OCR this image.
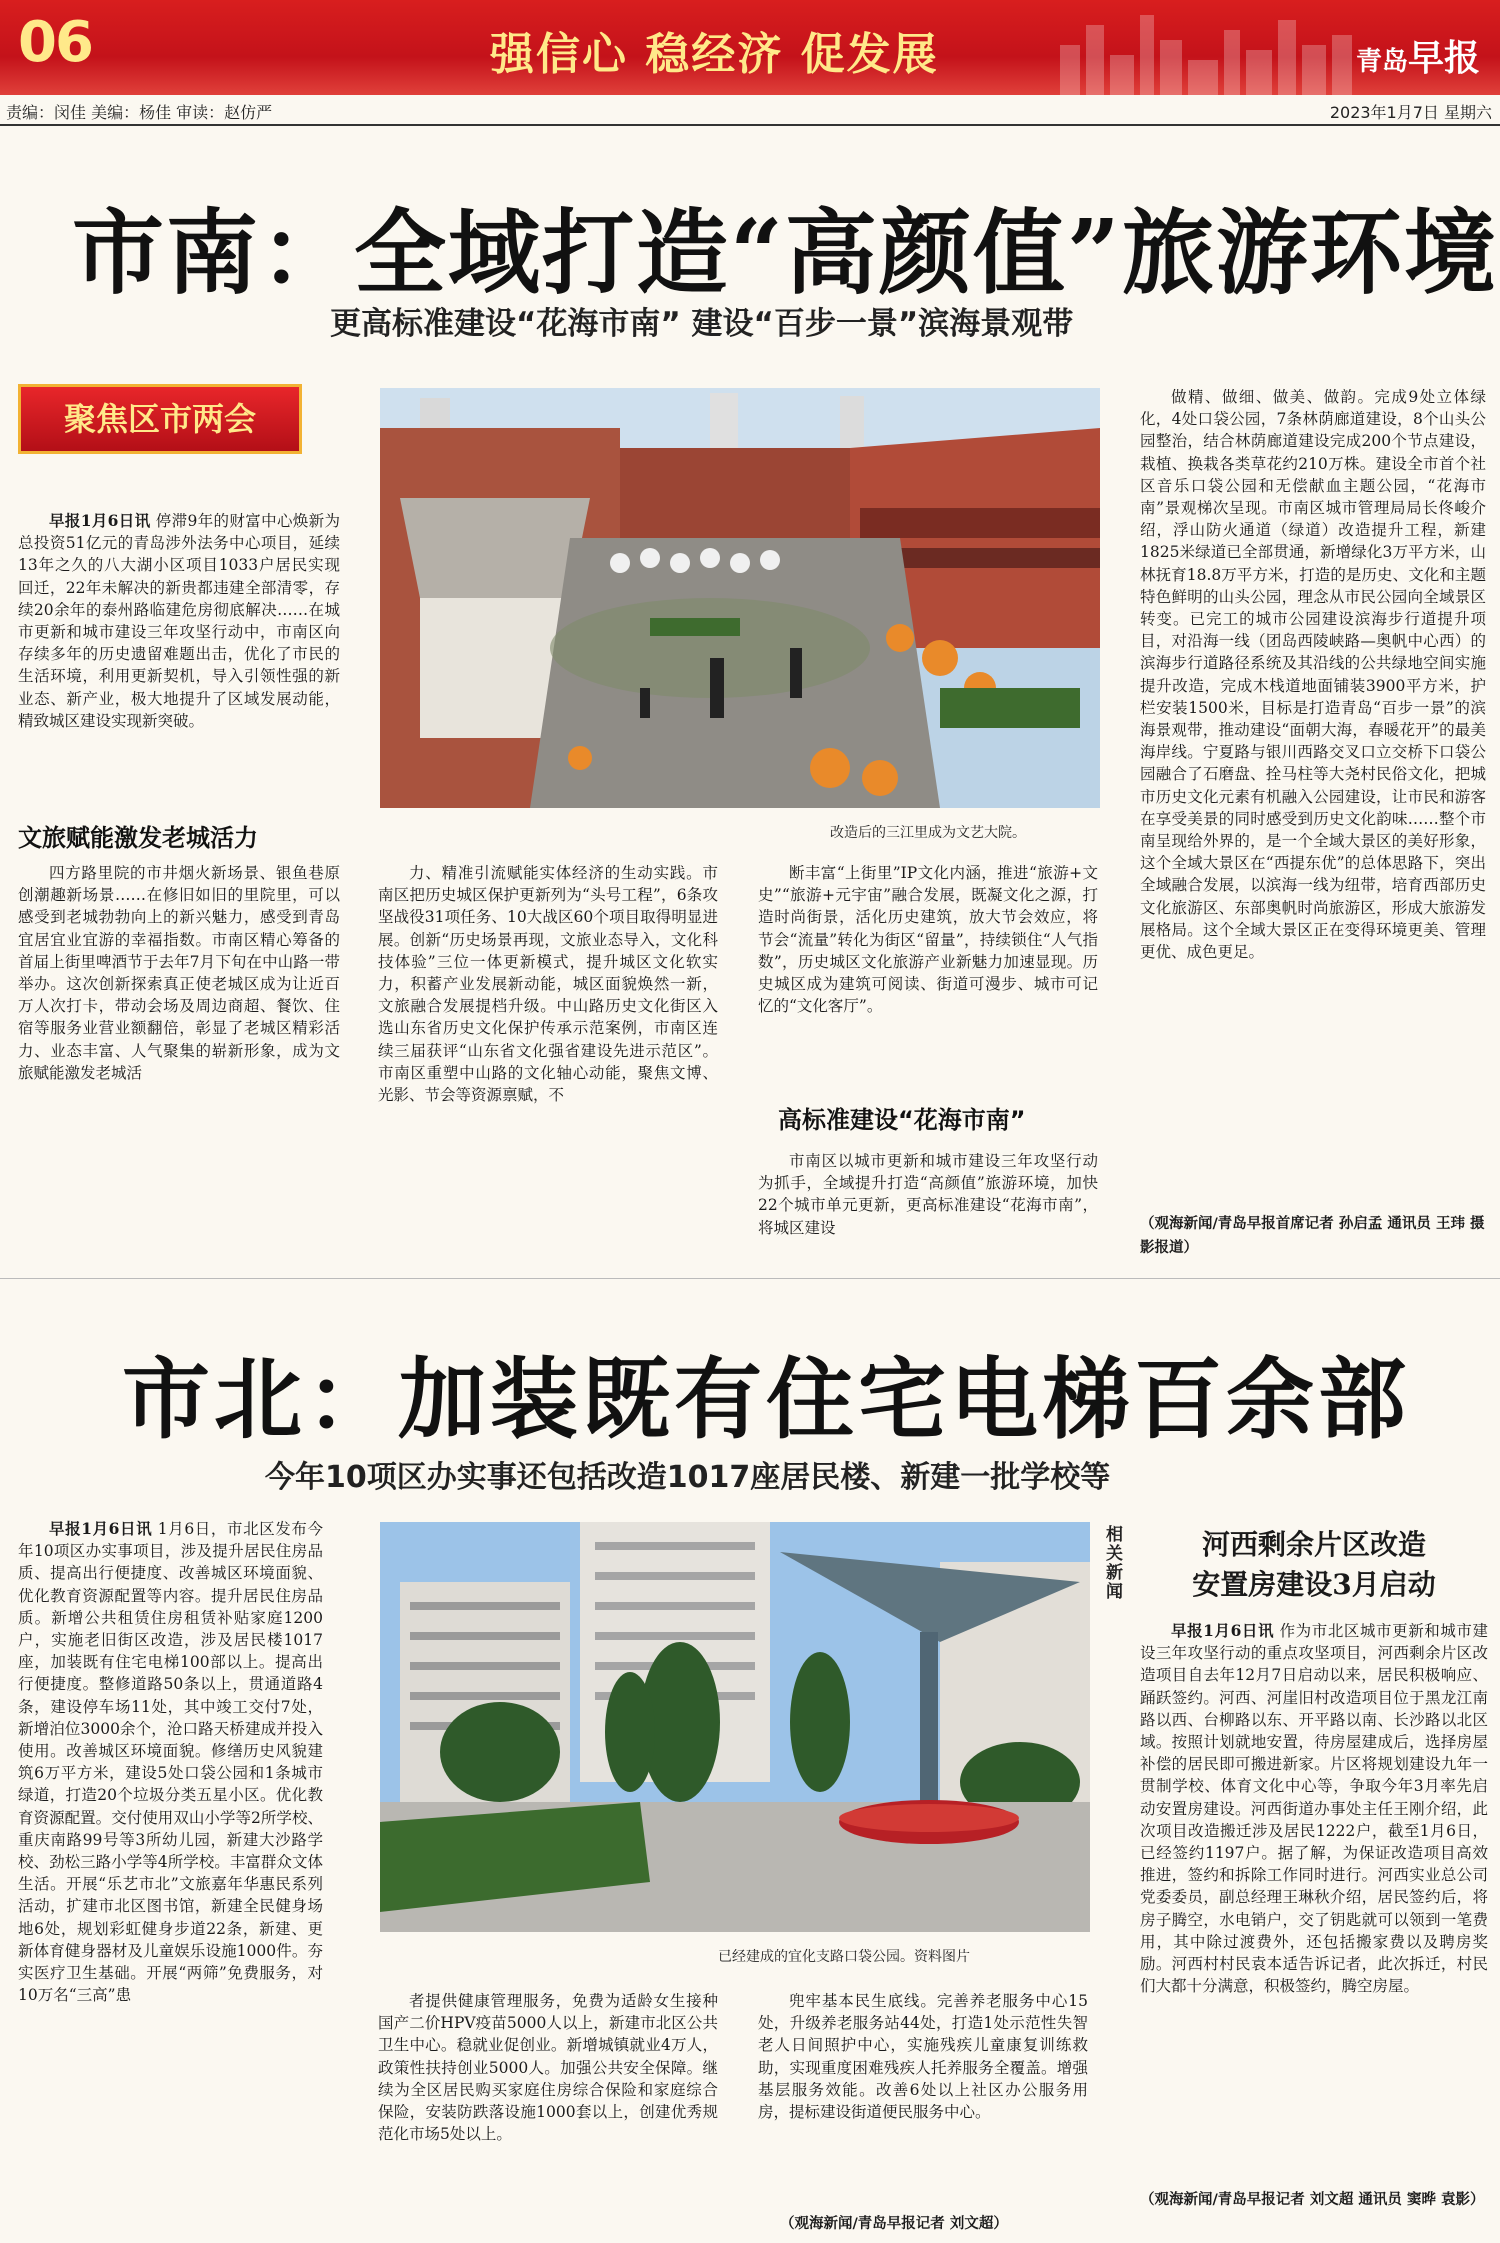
06	强信心 稳经济 促发展	青岛早报
责编：闵佳 美编：杨佳 审读：赵仿严	2023年1月7日 星期六
市南：全域打造“高颜值”旅游环境
更高标准建设“花海市南” 建设“百步一景”滨海景观带
聚焦区市两会

早报1月6日讯 停滞9年的财富中心焕新为总投资51亿元的青岛涉外法务中心项目，延续13年之久的八大湖小区项目1033户居民实现回迁，22年未解决的新贵都违建全部清零，存续20余年的泰州路临建危房彻底解决……在城市更新和城市建设三年攻坚行动中，市南区向存续多年的历史遗留难题出击，优化了市民的生活环境，利用更新契机，导入引领性强的新业态、新产业，极大地提升了区域发展动能，精致城区建设实现新突破。

文旅赋能激发老城活力	改造后的三江里成为文艺大院。

四方路里院的市井烟火新场景、银鱼巷原创潮趣新场景……在修旧如旧的里院里，可以感受到老城勃勃向上的新兴魅力，感受到青岛宜居宜业宜游的幸福指数。市南区精心筹备的首届上街里啤酒节于去年7月下旬在中山路一带举办。这次创新探索真正使老城区成为让近百万人次打卡，带动会场及周边商超、餐饮、住宿等服务业营业额翻倍，彰显了老城区精彩活力、业态丰富、人气聚集的崭新形象，成为文旅赋能激发老城活

力、精准引流赋能实体经济的生动实践。市南区把历史城区保护更新列为“头号工程”，6条攻坚战役31项任务、10大战区60个项目取得明显进展。创新“历史场景再现，文旅业态导入，文化科技体验”三位一体更新模式，提升城区文化软实力，积蓄产业发展新动能，城区面貌焕然一新，文旅融合发展提档升级。中山路历史文化街区入选山东省历史文化保护传承示范案例，市南区连续三届获评“山东省文化强省建设先进示范区”。市南区重塑中山路的文化轴心动能，聚焦文博、光影、节会等资源禀赋，不

断丰富“上街里”IP文化内涵，推进“旅游+文史”“旅游+元宇宙”融合发展，既凝文化之源，打造时尚街景，活化历史建筑，放大节会效应，将节会“流量”转化为街区“留量”，持续锁住“人气指数”，历史城区文化旅游产业新魅力加速显现。历史城区成为建筑可阅读、街道可漫步、城市可记忆的“文化客厅”。

高标准建设“花海市南”

市南区以城市更新和城市建设三年攻坚行动为抓手，全域提升打造“高颜值”旅游环境，加快22个城市单元更新，更高标准建设“花海市南”，将城区建设

做精、做细、做美、做韵。完成9处立体绿化，4处口袋公园，7条林荫廊道建设，8个山头公园整治，结合林荫廊道建设完成200个节点建设，栽植、换栽各类草花约210万株。建设全市首个社区音乐口袋公园和无偿献血主题公园，“花海市南”景观梯次呈现。市南区城市管理局局长佟峻介绍，浮山防火通道（绿道）改造提升工程，新建1825米绿道已全部贯通，新增绿化3万平方米，山林抚育18.8万平方米，打造的是历史、文化和主题特色鲜明的山头公园，理念从市民公园向全域景区转变。已完工的城市公园建设滨海步行道提升项目，对沿海一线（团岛西陵峡路—奥帆中心西）的滨海步行道路径系统及其沿线的公共绿地空间实施提升改造，完成木栈道地面铺装3900平方米，护栏安装1500米，目标是打造青岛“百步一景”的滨海景观带，推动建设“面朝大海，春暖花开”的最美海岸线。宁夏路与银川西路交叉口立交桥下口袋公园融合了石磨盘、拴马柱等大尧村民俗文化，把城市历史文化元素有机融入公园建设，让市民和游客在享受美景的同时感受到历史文化韵味……整个市南呈现给外界的，是一个全域大景区的美好形象，这个全域大景区在“西提东优”的总体思路下，突出全域融合发展，以滨海一线为纽带，培育西部历史文化旅游区、东部奥帆时尚旅游区，形成大旅游发展格局。这个全域大景区正在变得环境更美、管理更优、成色更足。

（观海新闻/青岛早报首席记者 孙启孟 通讯员 王玮 摄影报道）
市北：加装既有住宅电梯百余部
今年10项区办实事还包括改造1017座居民楼、新建一批学校等

早报1月6日讯 1月6日，市北区发布今年10项区办实事项目，涉及提升居民住房品质、提高出行便捷度、改善城区环境面貌、优化教育资源配置等内容。提升居民住房品质。新增公共租赁住房租赁补贴家庭1200户，实施老旧街区改造，涉及居民楼1017座，加装既有住宅电梯100部以上。提高出行便捷度。整修道路50条以上，贯通道路4条，建设停车场11处，其中竣工交付7处，新增泊位3000余个，沧口路天桥建成并投入使用。改善城区环境面貌。修缮历史风貌建筑6万平方米，建设5处口袋公园和1条城市绿道，打造20个垃圾分类五星小区。优化教育资源配置。交付使用双山小学等2所学校、重庆南路99号等3所幼儿园，新建大沙路学校、劲松三路小学等4所学校。丰富群众文体生活。开展“乐艺市北”文旅嘉年华惠民系列活动，扩建市北区图书馆，新建全民健身场地6处，规划彩虹健身步道22条，新建、更新体育健身器材及儿童娱乐设施1000件。夯实医疗卫生基础。开展“两筛”免费服务，对10万名“三高”患

已经建成的宜化支路口袋公园。资料图片

者提供健康管理服务，免费为适龄女生接种国产二价HPV疫苗5000人以上，新建市北区公共卫生中心。稳就业促创业。新增城镇就业4万人，政策性扶持创业5000人。加强公共安全保障。继续为全区居民购买家庭住房综合保险和家庭综合保险，安装防跌落设施1000套以上，创建优秀规范化市场5处以上。

兜牢基本民生底线。完善养老服务中心15处，升级养老服务站44处，打造1处示范性失智老人日间照护中心，实施残疾儿童康复训练救助，实现重度困难残疾人托养服务全覆盖。增强基层服务效能。改善6处以上社区办公服务用房，提标建设街道便民服务中心。

（观海新闻/青岛早报记者 刘文超）
相关新闻	河西剩余片区改造
安置房建设3月启动

早报1月6日讯 作为市北区城市更新和城市建设三年攻坚行动的重点攻坚项目，河西剩余片区改造项目自去年12月7日启动以来，居民积极响应、踊跃签约。河西、河崖旧村改造项目位于黑龙江南路以西、台柳路以东、开平路以南、长沙路以北区域。按照计划就地安置，待房屋建成后，选择房屋补偿的居民即可搬进新家。片区将规划建设九年一贯制学校、体育文化中心等，争取今年3月率先启动安置房建设。河西街道办事处主任王刚介绍，此次项目改造搬迁涉及居民1222户，截至1月6日，已经签约1197户。据了解，为保证改造项目高效推进，签约和拆除工作同时进行。河西实业总公司党委委员，副总经理王琳秋介绍，居民签约后，将房子腾空，水电销户，交了钥匙就可以领到一笔费用，其中除过渡费外，还包括搬家费以及聘房奖励。河西村村民袁本适告诉记者，此次拆迁，村民们大都十分满意，积极签约，腾空房屋。

（观海新闻/青岛早报记者 刘文超 通讯员 窦晔 袁影）
